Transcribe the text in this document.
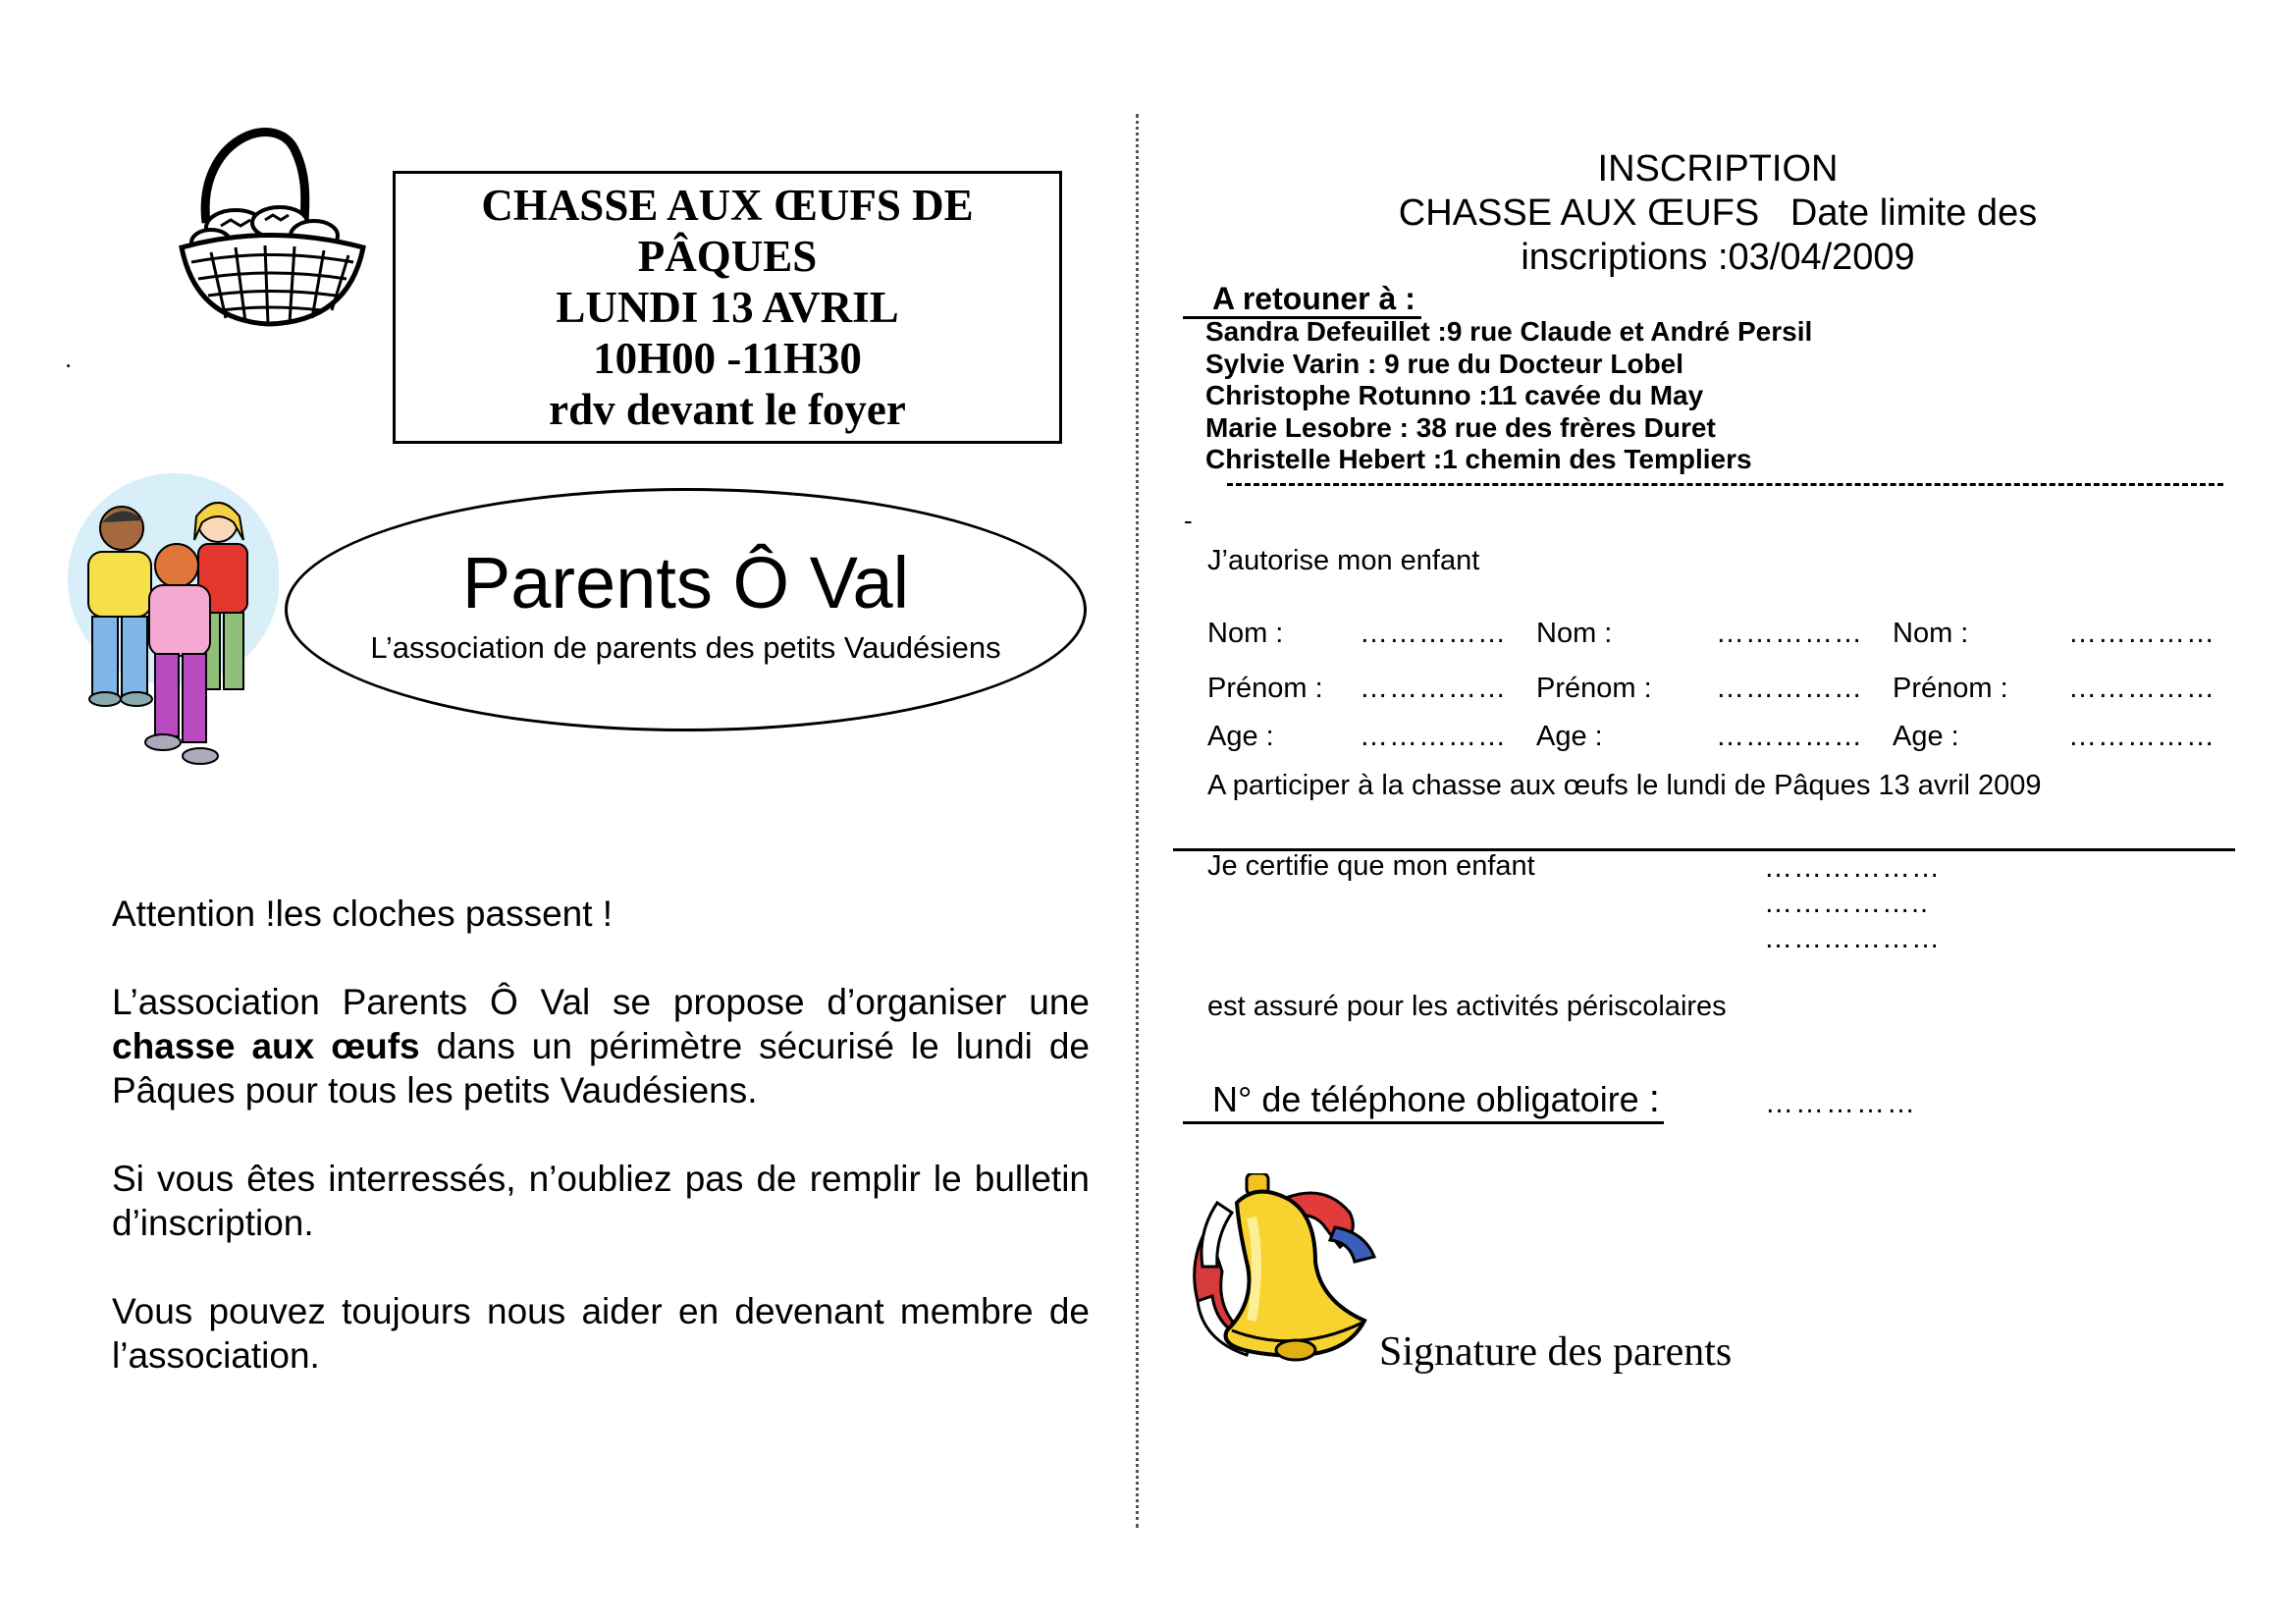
.
CHASSE AUX ŒUFS DE
PÂQUES
LUNDI 13 AVRIL
10H00 -11H30
rdv devant le foyer
Parents Ô Val
L’association de parents des petits Vaudésiens

Attention !les cloches passent !

L’association Parents Ô Val se propose d’organiser une chasse aux œufs dans un périmètre sécurisé le lundi de Pâques pour tous les petits Vaudésiens.

Si vous êtes interressés, n’oubliez pas de remplir le bulletin d’inscription.

Vous pouvez toujours nous aider en devenant membre de l’association.

INSCRIPTION
CHASSE AUX ŒUFS   Date limite des
inscriptions :03/04/2009
A retouner à :
Sandra Defeuillet :9 rue Claude et André Persil
Sylvie Varin : 9 rue du Docteur Lobel
Christophe Rotunno :11 cavée du May
Marie Lesobre : 38 rue des frères Duret
Christelle Hebert :1 chemin des Templiers
-
J’autorise mon enfant
Nom :	…………… Nom :	…………… Nom :	……………
Prénom : …………… Prénom : …………… Prénom : ……………
Age :	…………… Age :	…………… Age :	……………
A participer à la chasse aux œufs le lundi de Pâques 13 avril 2009
Je certifie que mon enfant	………………
……………..
………………
est assuré pour les activités périscolaires
N° de téléphone obligatoire :	……………
Signature des parents
